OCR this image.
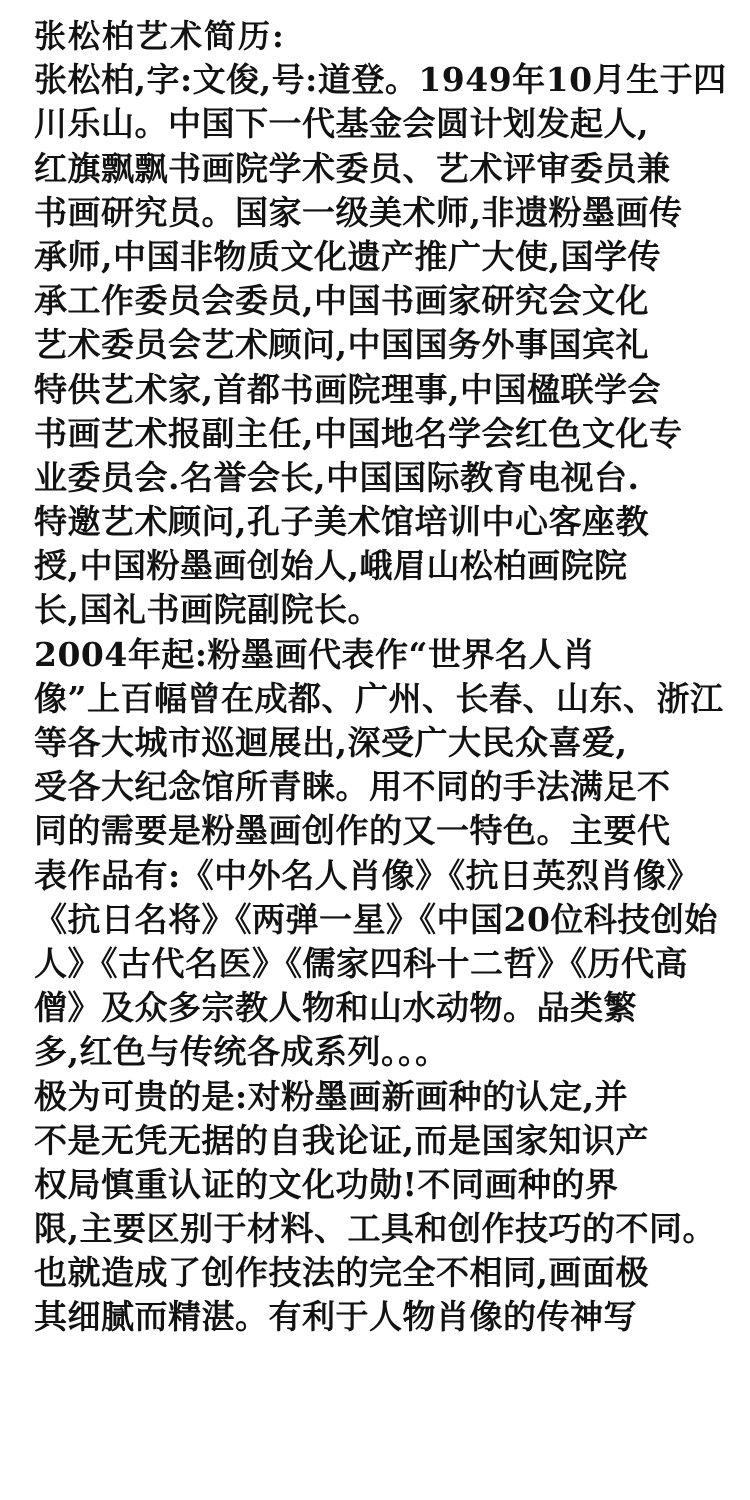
张松柏艺术简历:
张松柏,字:文俊,号:道登。1949年10月生于四
川乐山。中国下一代基金会圆计划发起人,
红旗飘飘书画院学术委员、艺术评审委员兼
书画研究员。国家一级美术师,非遗粉墨画传
承师,中国非物质文化遗产推广大使,国学传
承工作委员会委员,中国书画家研究会文化
艺术委员会艺术顾问,中国国务外事国宾礼
特供艺术家,首都书画院理事,中国楹联学会
书画艺术报副主任,中国地名学会红色文化专
业委员会.名誉会长,中国国际教育电视台.
特邀艺术顾问,孔子美术馆培训中心客座教
授,中国粉墨画创始人,峨眉山松柏画院院
长,国礼书画院副院长。
2004年起:粉墨画代表作“世界名人肖
像”上百幅曾在成都、广州、长春、山东、浙江
等各大城市巡迴展出,深受广大民众喜爱,
受各大纪念馆所青睐。用不同的手法满足不
同的需要是粉墨画创作的又一特色。主要代
表作品有:《中外名人肖像》《抗日英烈肖像》
《抗日名将》《两弹一星》《中国20位科技创始
人》《古代名医》《儒家四科十二哲》《历代高
僧》及众多宗教人物和山水动物。品类繁
多,红色与传统各成系列。。。
极为可贵的是:对粉墨画新画种的认定,并
不是无凭无据的自我论证,而是国家知识产
权局慎重认证的文化功勋!不同画种的界
限,主要区别于材料、工具和创作技巧的不同。
也就造成了创作技法的完全不相同,画面极
其细腻而精湛。有利于人物肖像的传神写
